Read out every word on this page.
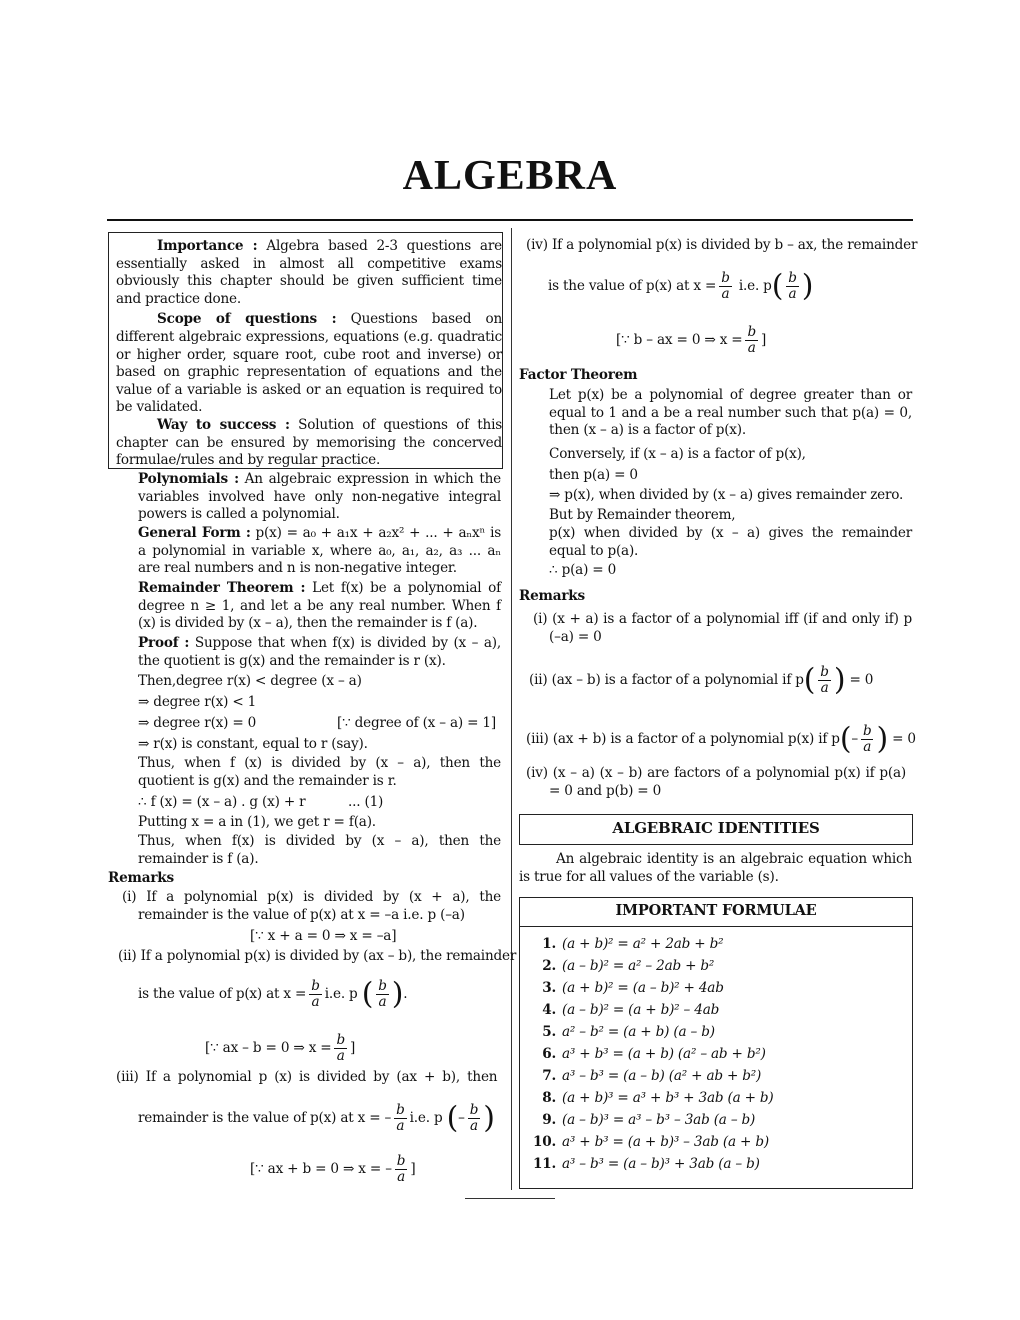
ALGEBRA
Importance : Algebra based 2-3 questions are essentially asked in almost all competitive exams obviously this chapter should be given sufficient time and practice done.
Scope of questions : Questions based on different algebraic expressions, equations (e.g. quadratic or higher order, square root, cube root and inverse) or based on graphic representation of equations and the value of a variable is asked or an equation is required to be validated.
Way to success : Solution of questions of this chapter can be ensured by memorising the concerved formulae/rules and by regular practice.
Polynomials : An algebraic expression in which the variables involved have only non-negative integral powers is called a polynomial.
General Form : p(x) = a₀ + a₁x + a₂x² + ... + aₙxⁿ is a polynomial in variable x, where a₀, a₁, a₂, a₃ ... aₙ are real numbers and n is non-negative integer.
Remainder Theorem : Let f(x) be a polynomial of degree n ≥ 1, and let a be any real number. When f (x) is divided by (x – a), then the remainder is f (a).
Proof : Suppose that when f(x) is divided by (x – a), the quotient is g(x) and the remainder is r (x).
Then,degree r(x) < degree (x – a)
⇒ degree r(x) < 1
⇒ degree r(x) = 0	[∵ degree of (x – a) = 1]
⇒ r(x) is constant, equal to r (say).
Thus, when f (x) is divided by (x – a), then the quotient is g(x) and the remainder is r.
∴ f (x) = (x – a) . g (x) + r	... (1)
Putting x = a in (1), we get r = f(a).
Thus, when f(x) is divided by (x – a), then the remainder is f (a).
Remarks
(i) If a polynomial p(x) is divided by (x + a), the remainder is the value of p(x) at x = –a i.e. p (–a)
[∵ x + a = 0 ⇒ x = –a]
(ii) If a polynomial p(x) is divided by (ax – b), the remainder
is the value of p(x) at $x = \frac{b}{a} i.e$. p ( $\frac{b}{a}$ ).
[∵ ax – b = 0 ⇒ $x = \frac{b}{a}$ ]
(iii) If a polynomial p (x) is divided by (ax + b), then
remainder is the value of p(x) at x = – $\frac{b}{a} i.e$. p (– $\frac{b}{a}$ )
[∵ ax + b = 0 ⇒ x = – $\frac{b}{a}$ ]
(iv) If a polynomial p(x) is divided by b – ax, the remainder
is the value of p(x) at $x = \frac{b}{a} i.e$. $p( \frac{b}{a}$ )
[∵ b – ax = 0 ⇒ $x = \frac{b}{a}$ ]
Factor Theorem
Let p(x) be a polynomial of degree greater than or equal to 1 and a be a real number such that p(a) = 0, then (x – a) is a factor of p(x).
Conversely, if (x – a) is a factor of p(x),
then p(a) = 0
⇒ p(x), when divided by (x – a) gives remainder zero.
But by Remainder theorem,
p(x) when divided by (x – a) gives the remainder equal to p(a).
∴ p(a) = 0
Remarks
(i) (x + a) is a factor of a polynomial iff (if and only if) p (–a) = 0
(ii) (ax – b) is a factor of a polynomial if $p( \frac{b}{a}$ ) = 0
(iii) (ax + b) is a factor of a polynomial p(x) if $p(- \frac{b}{a}$ ) = 0
(iv) (x – a) (x – b) are factors of a polynomial p(x) if p(a) = 0 and p(b) = 0
ALGEBRAIC IDENTITIES
An algebraic identity is an algebraic equation which is true for all values of the variable (s).
IMPORTANT FORMULAE
1. (a + b)² = a² + 2ab + b²
2. (a – b)² = a² – 2ab + b²
3. (a + b)² = (a – b)² + 4ab
4. (a – b)² = (a + b)² – 4ab
5. a² – b² = (a + b) (a – b)
6. a³ + b³ = (a + b) (a² – ab + b²)
7. a³ – b³ = (a – b) (a² + ab + b²)
8. (a + b)³ = a³ + b³ + 3ab (a + b)
9. (a – b)³ = a³ – b³ – 3ab (a – b)
10. a³ + b³ = (a + b)³ – 3ab (a + b)
11. a³ – b³ = (a – b)³ + 3ab (a – b)
